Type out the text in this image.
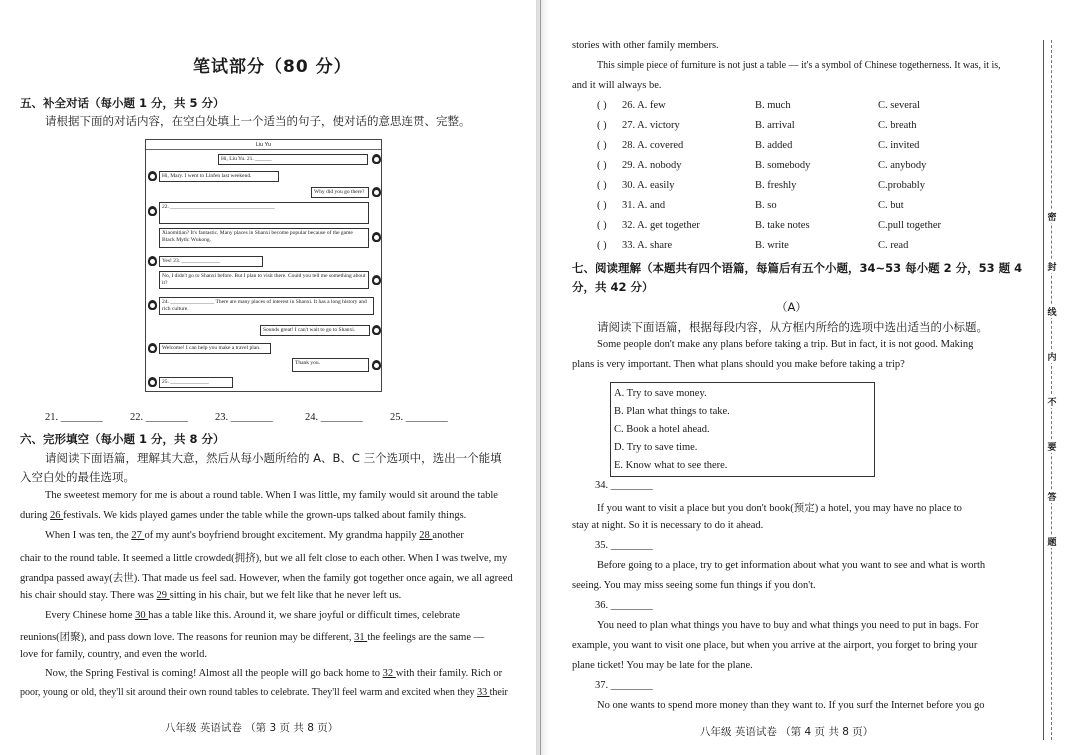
笔试部分（80 分）
五、补全对话（每小题 1 分，共 5 分）
请根据下面的对话内容，在空白处填上一个适当的句子，使对话的意思连贯、完整。
Liu Yu
Hi, Liu Yu. 21. ______
Hi, Mary. I went to Linfen last weekend.
Why did you go there?
22. ______________________________________
Xiaomitian? It's fantastic. Many places in Shanxi become popular because of the game Black Myth: Wukong.
Yes! 23. ______________
No, I didn't go to Shanxi before. But I plan to visit there. Could you tell me something about it?
24. ________________ There are many places of interest in Shanxi. It has a long history and rich culture.
Sounds great! I can't wait to go to Shanxi.
Welcome! I can help you make a travel plan.
Thank you.
25. ______________
21. ________	22. ________	23. ________	24. ________	25. ________
六、完形填空（每小题 1 分，共 8 分）
请阅读下面语篇，理解其大意，然后从每小题所给的 A、B、C 三个选项中，选出一个能填
入空白处的最佳选项。
The sweetest memory for me is about a round table. When I was little, my family would sit around the table
during 26 festivals. We kids played games under the table while the grown-ups talked about family things.
When I was ten, the 27 of my aunt's boyfriend brought excitement. My grandma happily 28 another
chair to the round table. It seemed a little crowded(拥挤), but we all felt close to each other. When I was twelve, my
grandpa passed away(去世). That made us feel sad. However, when the family got together once again, we all agreed
his chair should stay. There was 29 sitting in his chair, but we felt like that he never left us.
Every Chinese home 30 has a table like this. Around it, we share joyful or difficult times, celebrate
reunions(团聚), and pass down love. The reasons for reunion may be different, 31 the feelings are the same —
love for family, country, and even the world.
Now, the Spring Festival is coming! Almost all the people will go back home to 32 with their family. Rich or
poor, young or old, they'll sit around their own round tables to celebrate. They'll feel warm and excited when they 33 their
八年级 英语试卷 （第 3 页 共 8 页）
stories with other family members.
This simple piece of furniture is not just a table — it's a symbol of Chinese togetherness. It was, it is,
and it will always be.
( ) 26. A. few	B. much	C. several
( ) 27. A. victory	B. arrival	C. breath
( ) 28. A. covered	B. added	C. invited
( ) 29. A. nobody	B. somebody	C. anybody
( ) 30. A. easily	B. freshly	C.probably
( ) 31. A. and	B. so	C. but
( ) 32. A. get together	B. take notes	C.pull together
( ) 33. A. share	B. write	C. read
七、阅读理解（本题共有四个语篇，每篇后有五个小题，34~53 每小题 2 分，53 题 4
分，共 42 分）
（A）
请阅读下面语篇，根据每段内容，从方框内所给的选项中选出适当的小标题。
Some people don't make any plans before taking a trip. But in fact, it is not good. Making
plans is very important. Then what plans should you make before taking a trip?
A. Try to save money.
B. Plan what things to take.
C. Book a hotel ahead.
D. Try to save time.
E. Know what to see there.
34. ________
If you want to visit a place but you don't book(预定) a hotel, you may have no place to
stay at night. So it is necessary to do it ahead.
35. ________
Before going to a place, try to get information about what you want to see and what is worth
seeing. You may miss seeing some fun things if you don't.
36. ________
You need to plan what things you have to buy and what things you need to put in bags. For
example, you want to visit one place, but when you arrive at the airport, you forget to bring your
plane ticket! You may be late for the plane.
37. ________
No one wants to spend more money than they want to. If you surf the Internet before you go
八年级 英语试卷 （第 4 页 共 8 页）
密
封
线
内
不
要
答
题
